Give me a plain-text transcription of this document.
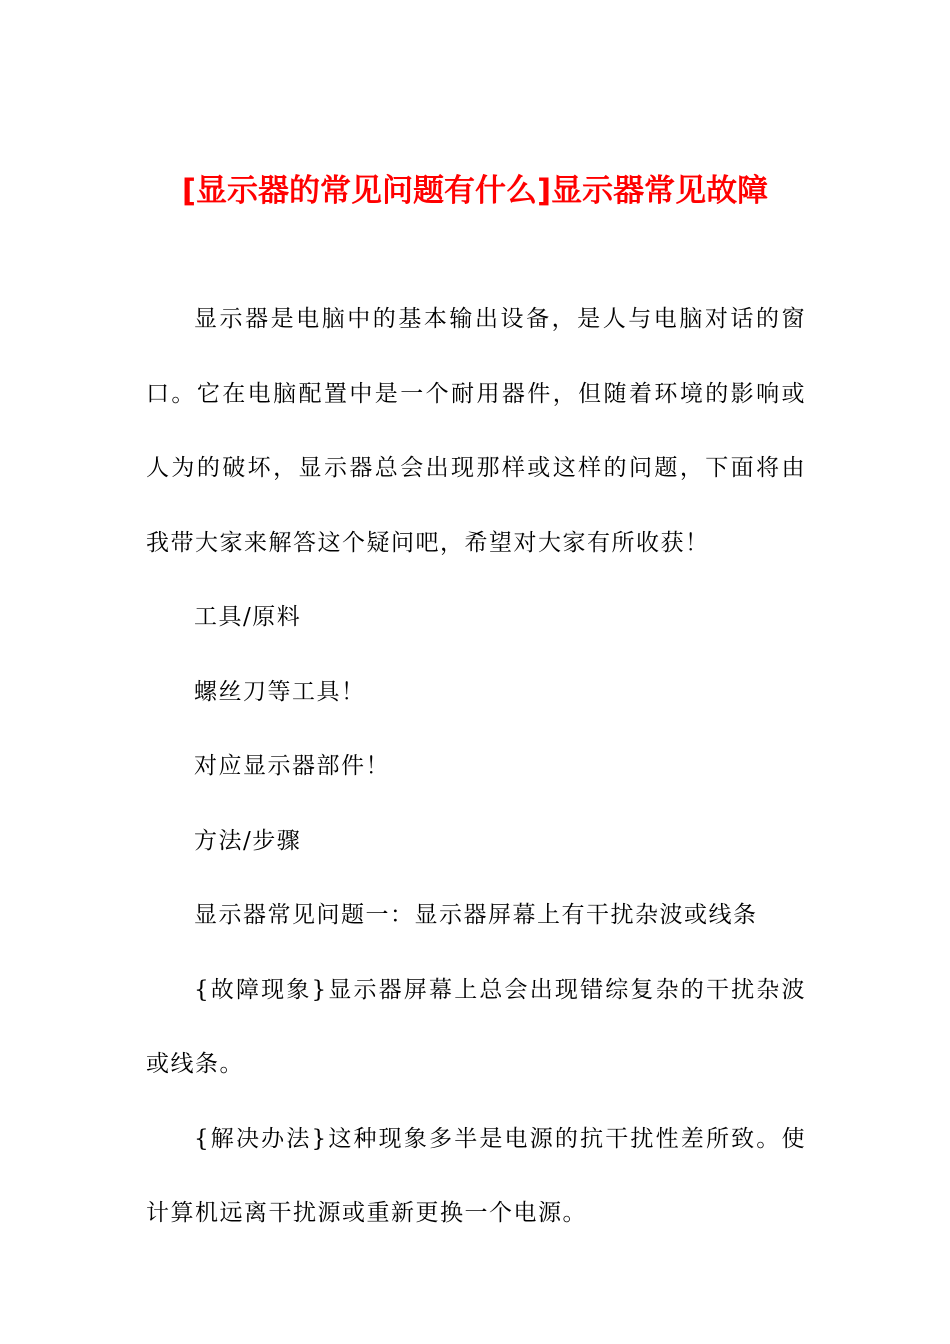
[显示器的常见问题有什么]显示器常见故障

显示器是电脑中的基本输出设备，是人与电脑对话的窗口。它在电脑配置中是一个耐用器件，但随着环境的影响或人为的破坏，显示器总会出现那样或这样的问题，下面将由我带大家来解答这个疑问吧，希望对大家有所收获！

工具/原料

螺丝刀等工具！

对应显示器部件！

方法/步骤

显示器常见问题一：显示器屏幕上有干扰杂波或线条

{故障现象}显示器屏幕上总会出现错综复杂的干扰杂波或线条。

{解决办法}这种现象多半是电源的抗干扰性差所致。使计算机远离干扰源或重新更换一个电源。
